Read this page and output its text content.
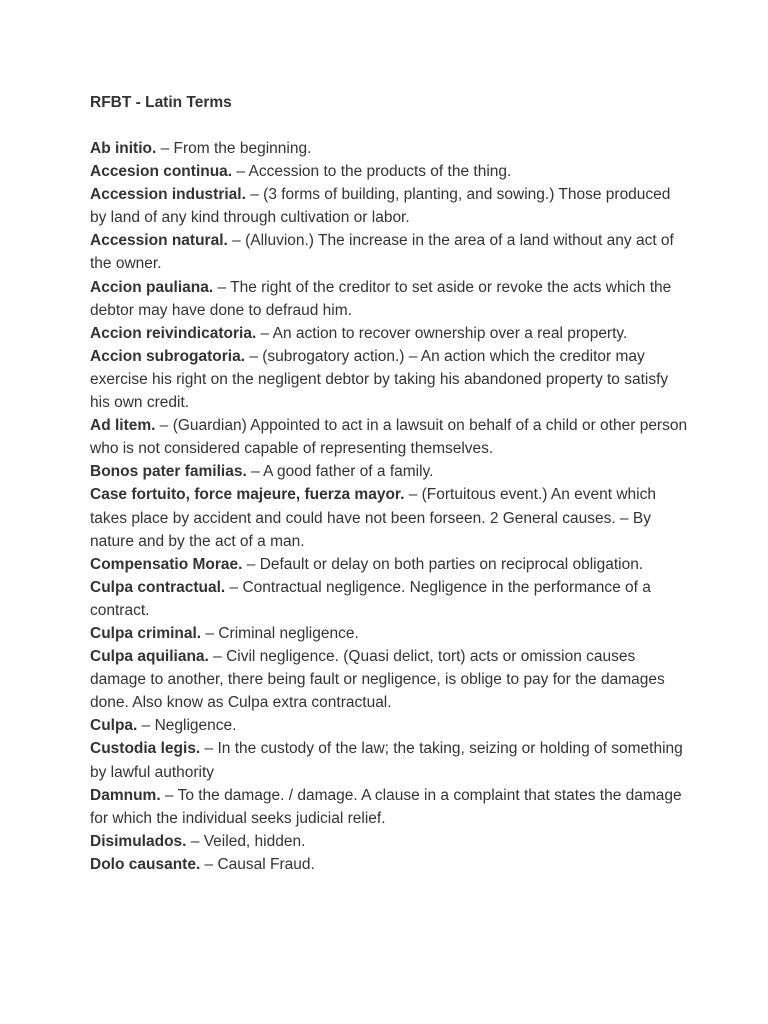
RFBT - Latin Terms

Ab initio. – From the beginning.

Accesion continua. – Accession to the products of the thing.

Accession industrial. – (3 forms of building, planting, and sowing.) Those produced by land of any kind through cultivation or labor.

Accession natural. – (Alluvion.) The increase in the area of a land without any act of the owner.

Accion pauliana. – The right of the creditor to set aside or revoke the acts which the debtor may have done to defraud him.

Accion reivindicatoria. – An action to recover ownership over a real property.

Accion subrogatoria. – (subrogatory action.) – An action which the creditor may exercise his right on the negligent debtor by taking his abandoned property to satisfy his own credit.

Ad litem. – (Guardian) Appointed to act in a lawsuit on behalf of a child or other person who is not considered capable of representing themselves.

Bonos pater familias. – A good father of a family.

Case fortuito, force majeure, fuerza mayor. – (Fortuitous event.) An event which takes place by accident and could have not been forseen. 2 General causes. – By nature and by the act of a man.

Compensatio Morae. – Default or delay on both parties on reciprocal obligation.

Culpa contractual. – Contractual negligence. Negligence in the performance of a contract.

Culpa criminal. – Criminal negligence.

Culpa aquiliana. – Civil negligence. (Quasi delict, tort) acts or omission causes damage to another, there being fault or negligence, is oblige to pay for the damages done. Also know as Culpa extra contractual.

Culpa. – Negligence.

Custodia legis. – In the custody of the law; the taking, seizing or holding of something by lawful authority

Damnum. – To the damage. / damage. A clause in a complaint that states the damage for which the individual seeks judicial relief.

Disimulados. – Veiled, hidden.

Dolo causante. – Causal Fraud.
